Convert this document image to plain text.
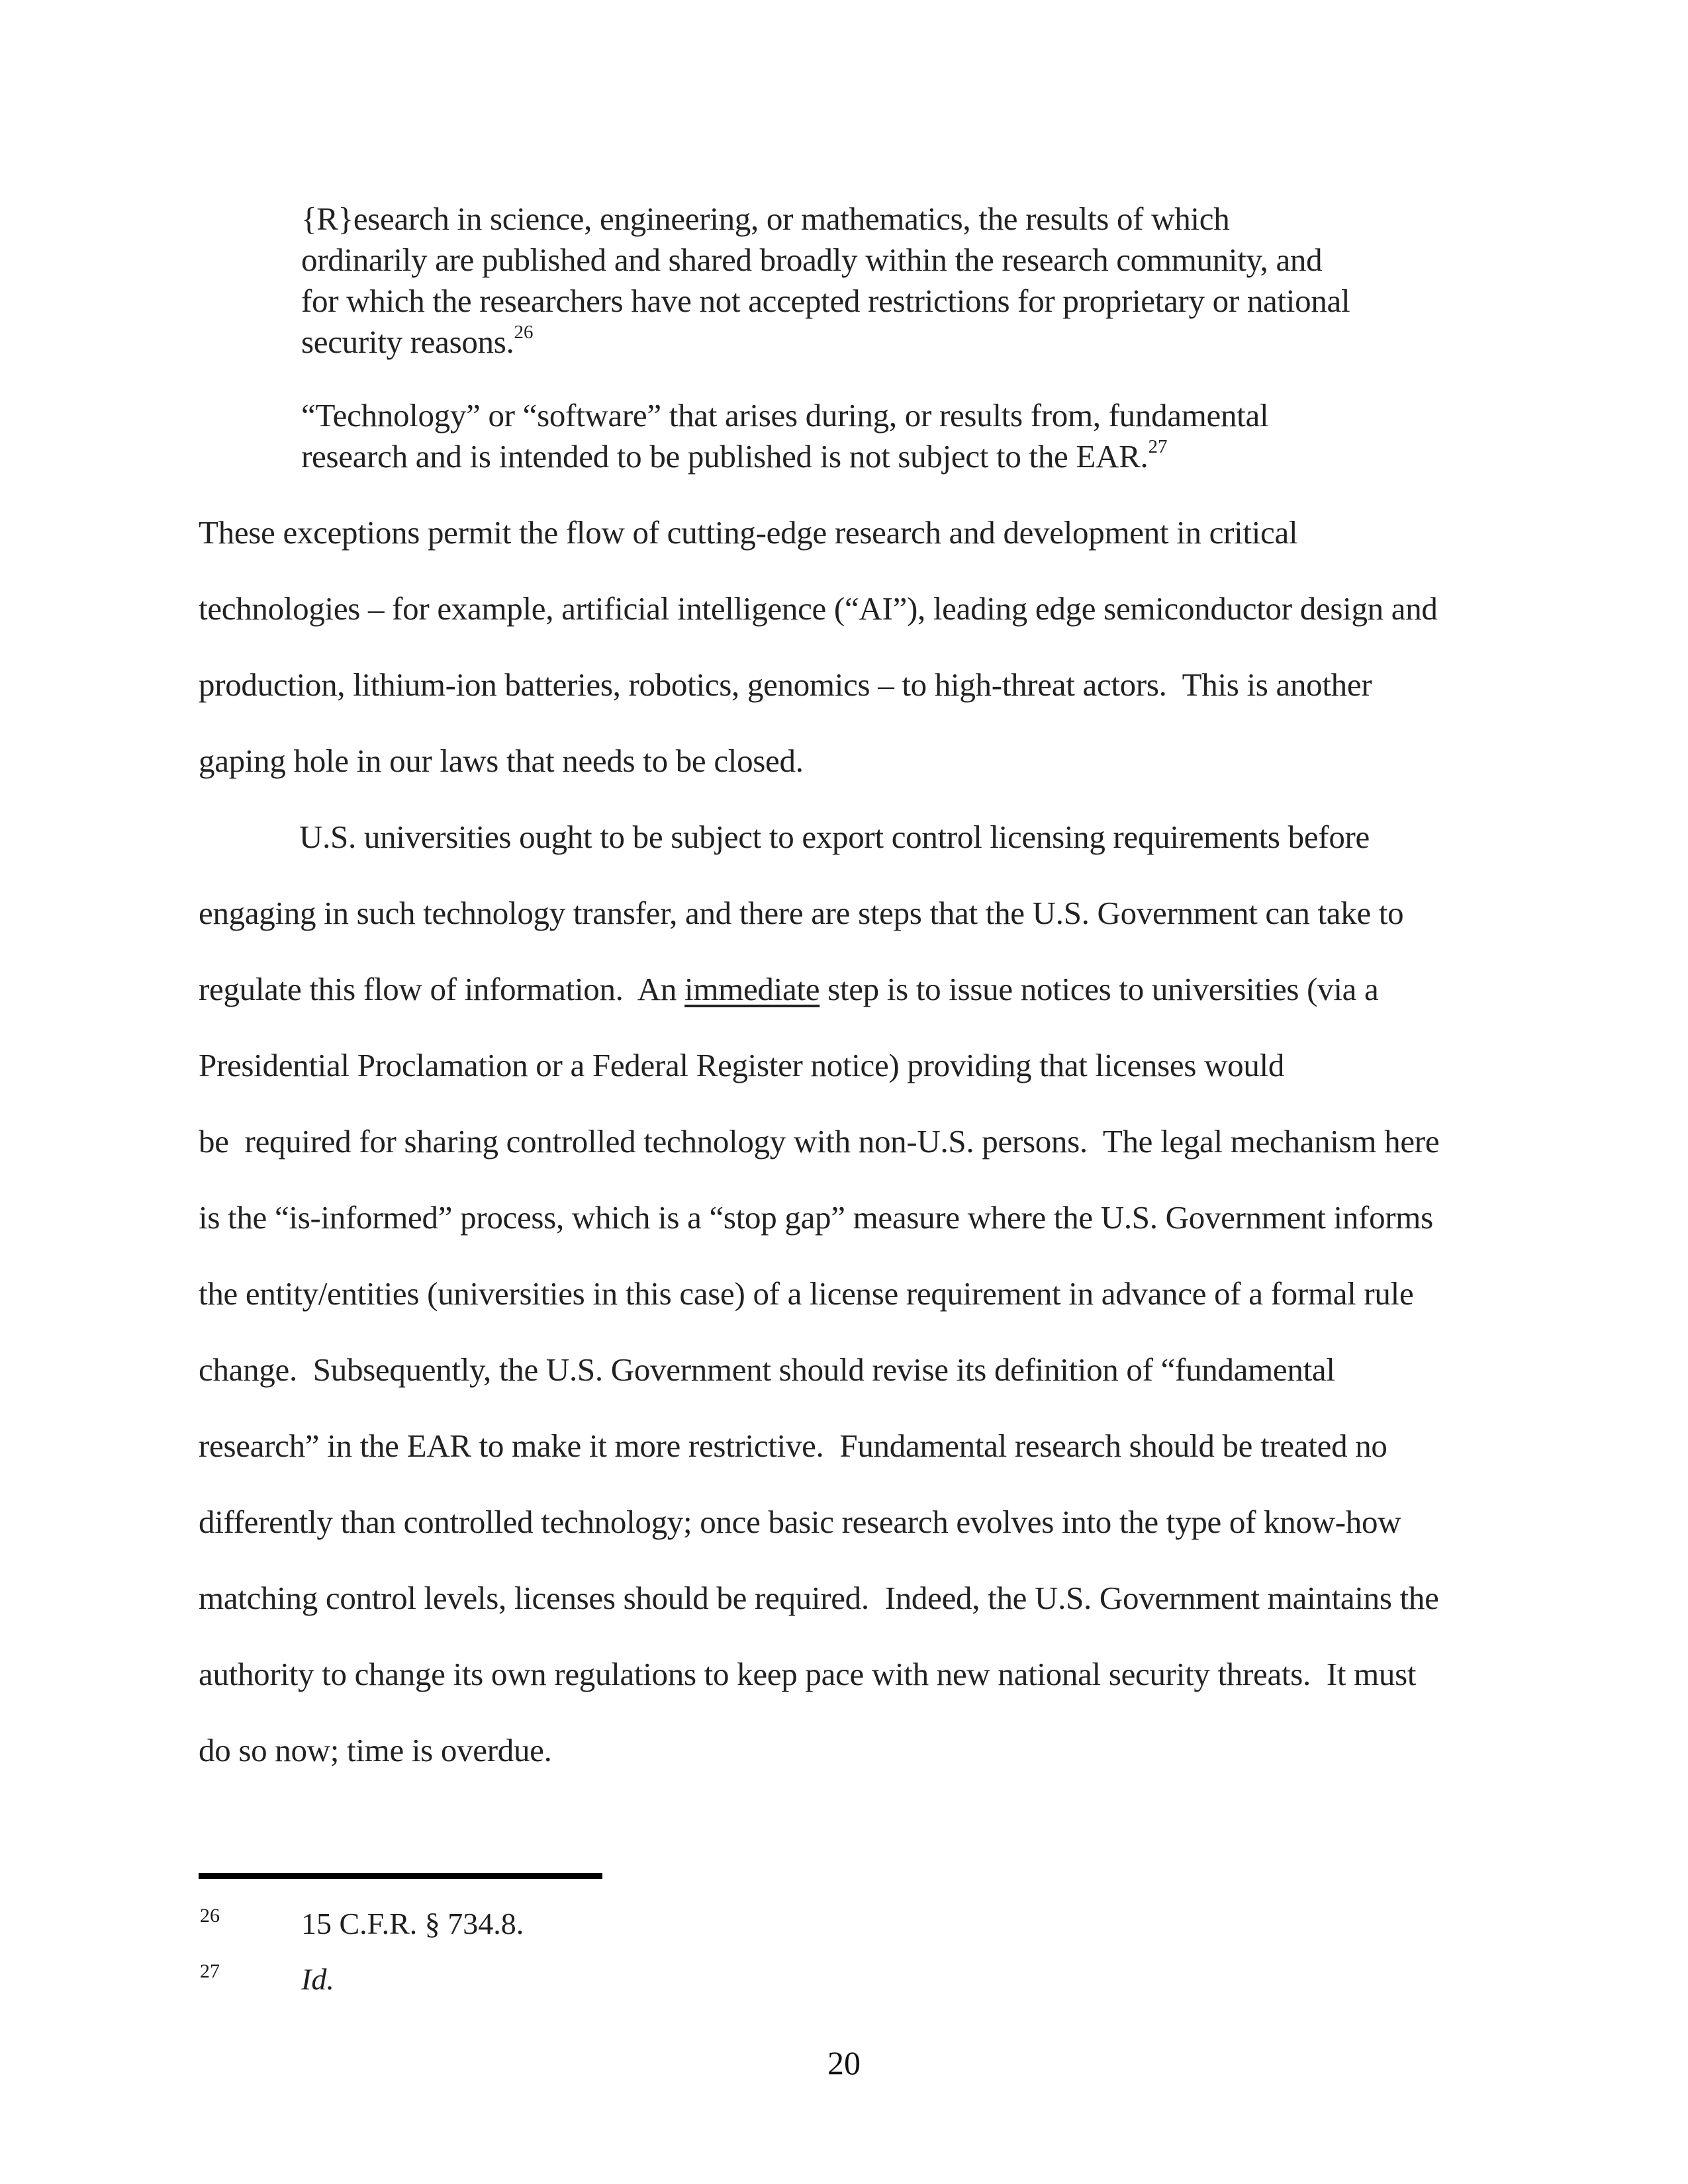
{R}esearch in science, engineering, or mathematics, the results of which
ordinarily are published and shared broadly within the research community, and
for which the researchers have not accepted restrictions for proprietary or national
security reasons.$^{26}$
“Technology” or “software” that arises during, or results from, fundamental
research and is intended to be published is not subject to the EAR.$^{27}$
These exceptions permit the flow of cutting-edge research and development in critical
technologies – for example, artificial intelligence (“AI”), leading edge semiconductor design and
production, lithium-ion batteries, robotics, genomics – to high-threat actors.  This is another
gaping hole in our laws that needs to be closed.
U.S. universities ought to be subject to export control licensing requirements before
engaging in such technology transfer, and there are steps that the U.S. Government can take to
regulate this flow of information.  An immediate step is to issue notices to universities (via a
Presidential Proclamation or a Federal Register notice) providing that licenses would
be  required for sharing controlled technology with non-U.S. persons.  The legal mechanism here
is the “is-informed” process, which is a “stop gap” measure where the U.S. Government informs
the entity/entities (universities in this case) of a license requirement in advance of a formal rule
change.  Subsequently, the U.S. Government should revise its definition of “fundamental
research” in the EAR to make it more restrictive.  Fundamental research should be treated no
differently than controlled technology; once basic research evolves into the type of know-how
matching control levels, licenses should be required.  Indeed, the U.S. Government maintains the
authority to change its own regulations to keep pace with new national security threats.  It must
do so now; time is overdue.
26	15 C.F.R. § 734.8.
27	Id.
20
